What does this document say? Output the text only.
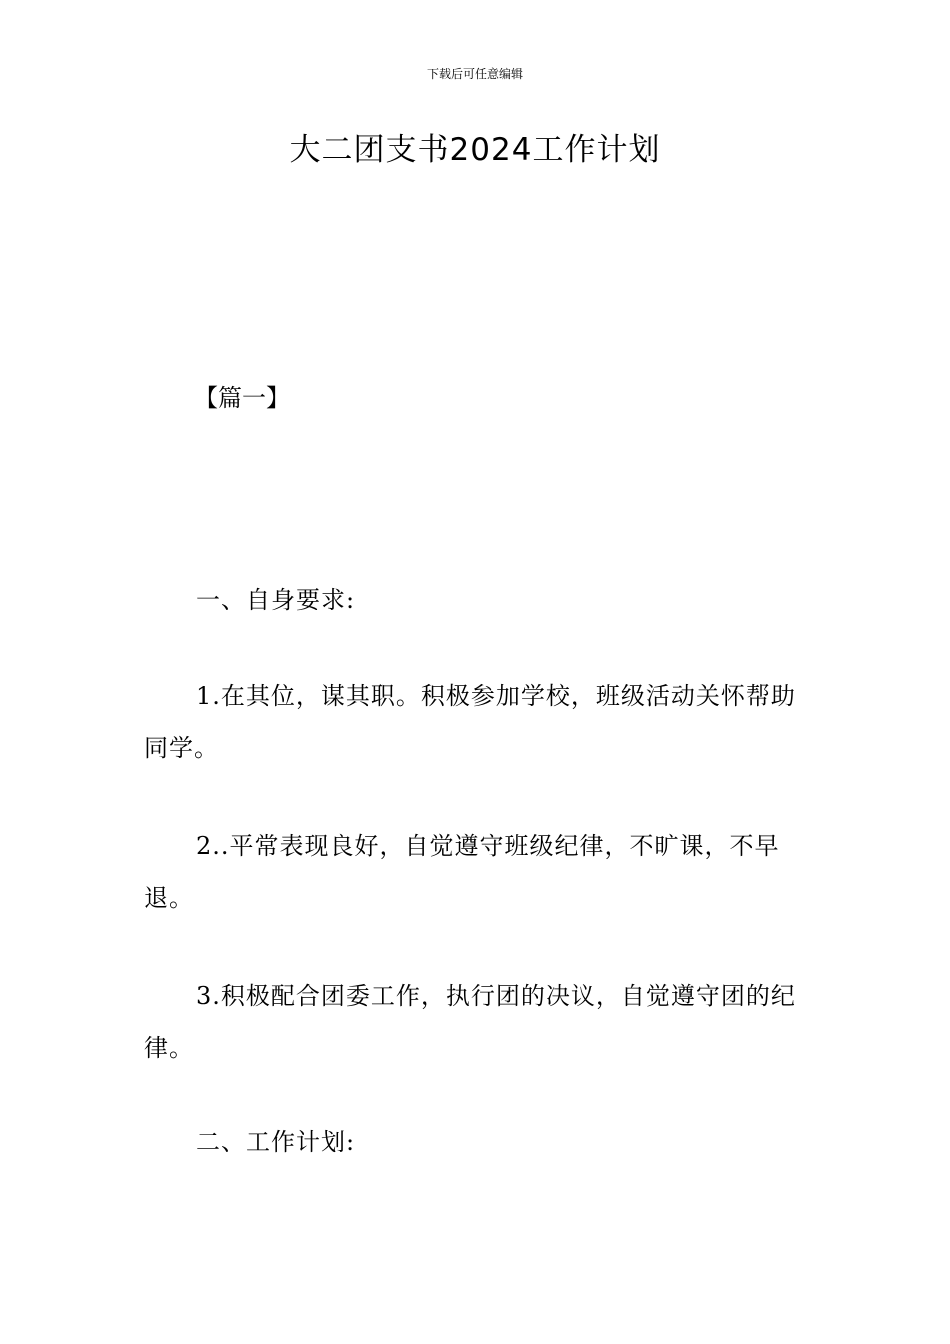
下载后可任意编辑
大二团支书2024工作计划
【篇一】

一、自身要求:

1.在其位，谋其职。积极参加学校，班级活动关怀帮助同学。

2..平常表现良好，自觉遵守班级纪律，不旷课，不早退。

3.积极配合团委工作，执行团的决议，自觉遵守团的纪律。

二、工作计划:
